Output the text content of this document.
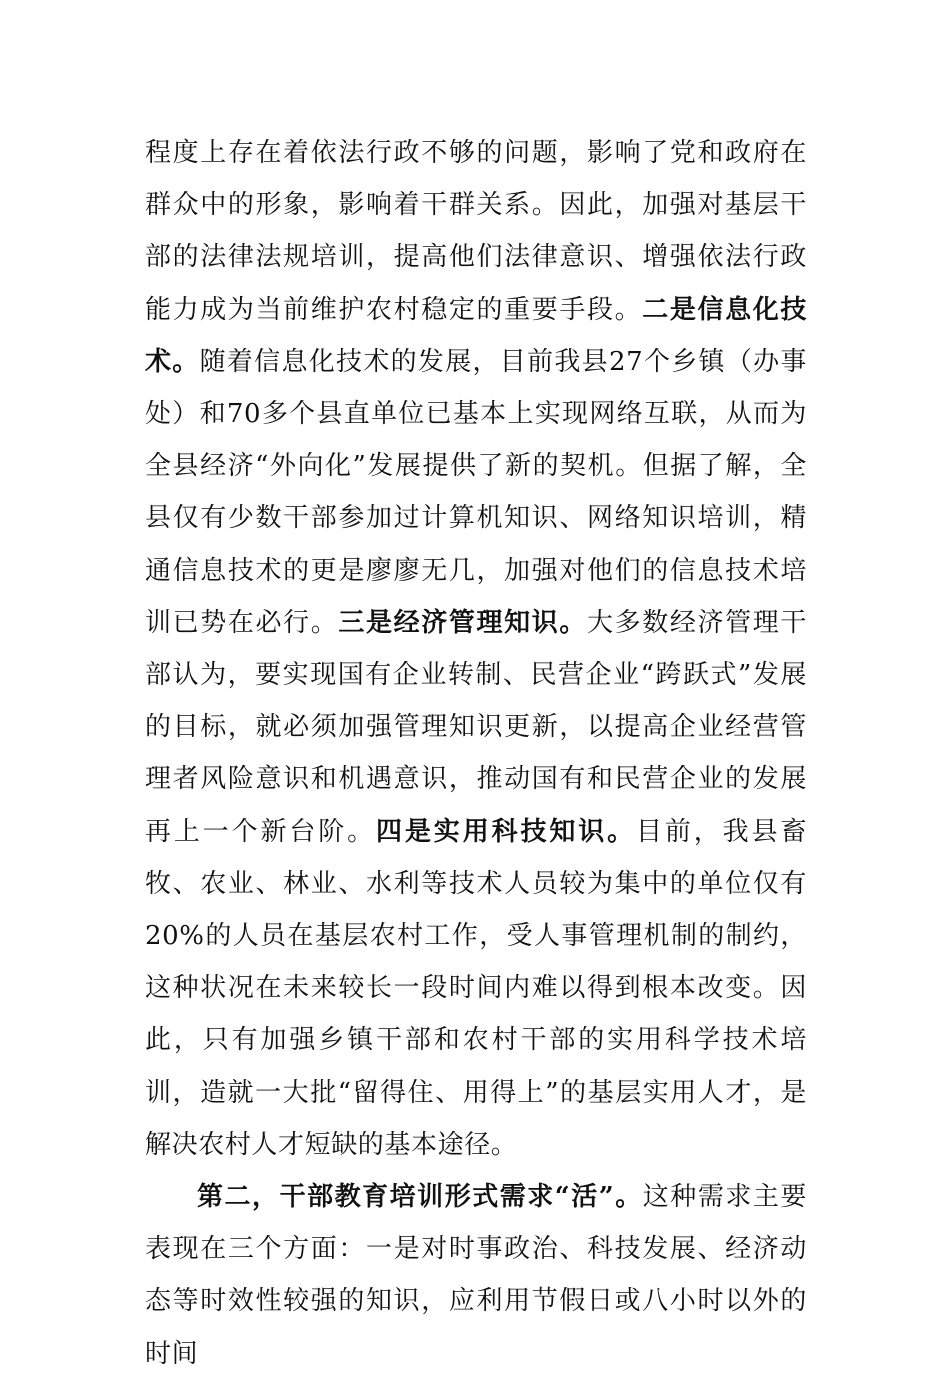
程度上存在着依法行政不够的问题，影响了党和政府在群众中的形象，影响着干群关系。因此，加强对基层干部的法律法规培训，提高他们法律意识、增强依法行政能力成为当前维护农村稳定的重要手段。二是信息化技术。随着信息化技术的发展，目前我县27个乡镇（办事处）和70多个县直单位已基本上实现网络互联，从而为全县经济“外向化”发展提供了新的契机。但据了解，全县仅有少数干部参加过计算机知识、网络知识培训，精通信息技术的更是廖廖无几，加强对他们的信息技术培训已势在必行。三是经济管理知识。大多数经济管理干部认为，要实现国有企业转制、民营企业“跨跃式”发展的目标，就必须加强管理知识更新，以提高企业经营管理者风险意识和机遇意识，推动国有和民营企业的发展再上一个新台阶。四是实用科技知识。目前，我县畜牧、农业、林业、水利等技术人员较为集中的单位仅有20%的人员在基层农村工作，受人事管理机制的制约，这种状况在未来较长一段时间内难以得到根本改变。因此，只有加强乡镇干部和农村干部的实用科学技术培训，造就一大批“留得住、用得上”的基层实用人才，是解决农村人才短缺的基本途径。

第二，干部教育培训形式需求“活”。这种需求主要表现在三个方面：一是对时事政治、科技发展、经济动态等时效性较强的知识，应利用节假日或八小时以外的时间
